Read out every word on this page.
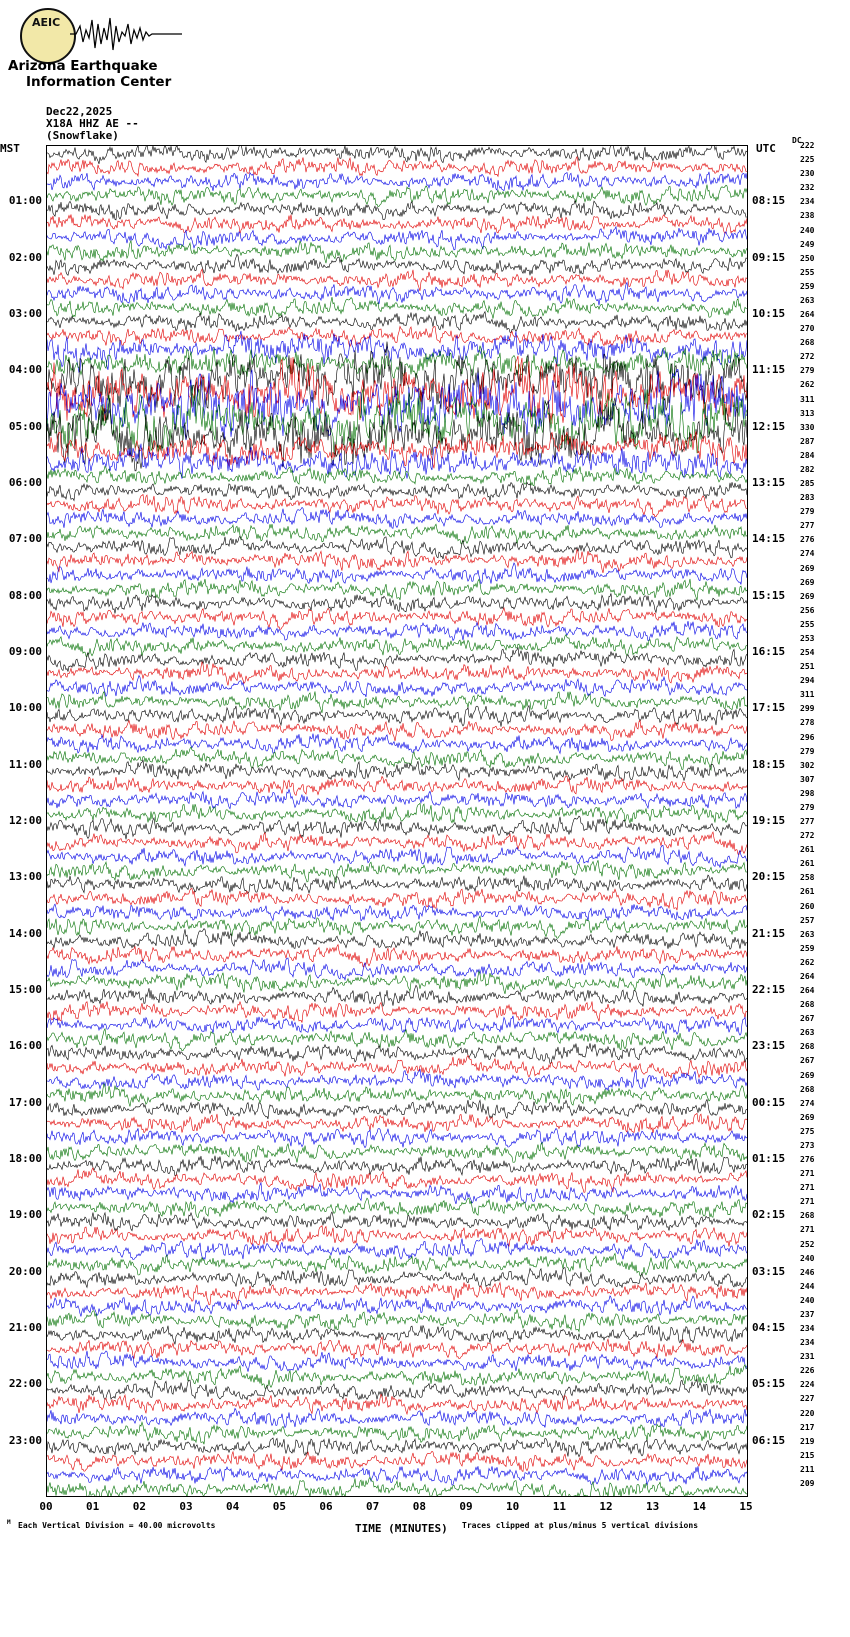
AEIC
Arizona Earthquake
Information Center
Dec22,2025
X18A HHZ AE --
(Snowflake)
MST	UTC
DC
01:00
02:00
03:00
04:00
05:00
06:00
07:00
08:00
09:00
10:00
11:00
12:00
13:00
14:00
15:00
16:00
17:00
18:00
19:00
20:00
21:00
22:00
23:00
08:15
09:15
10:15
11:15
12:15
13:15
14:15
15:15
16:15
17:15
18:15
19:15
20:15
21:15
22:15
23:15
00:15
01:15
02:15
03:15
04:15
05:15
06:15
222
225
230
232
234
238
240
249
250
255
259
263
264
270
268
272
279
262
311
313
330
287
284
282
285
283
279
277
276
274
269
269
269
256
255
253
254
251
294
311
299
278
296
279
302
307
298
279
277
272
261
261
258
261
260
257
263
259
262
264
264
268
267
263
268
267
269
268
274
269
275
273
276
271
271
271
268
271
252
240
246
244
240
237
234
234
231
226
224
227
220
217
219
215
211
209
00	01	02	03	04	05	06	07	08	09	10	11	12	13	14	15
TIME (MINUTES)
M Each Vertical Division = 40.00 microvolts	Traces clipped at plus/minus 5 vertical divisions
